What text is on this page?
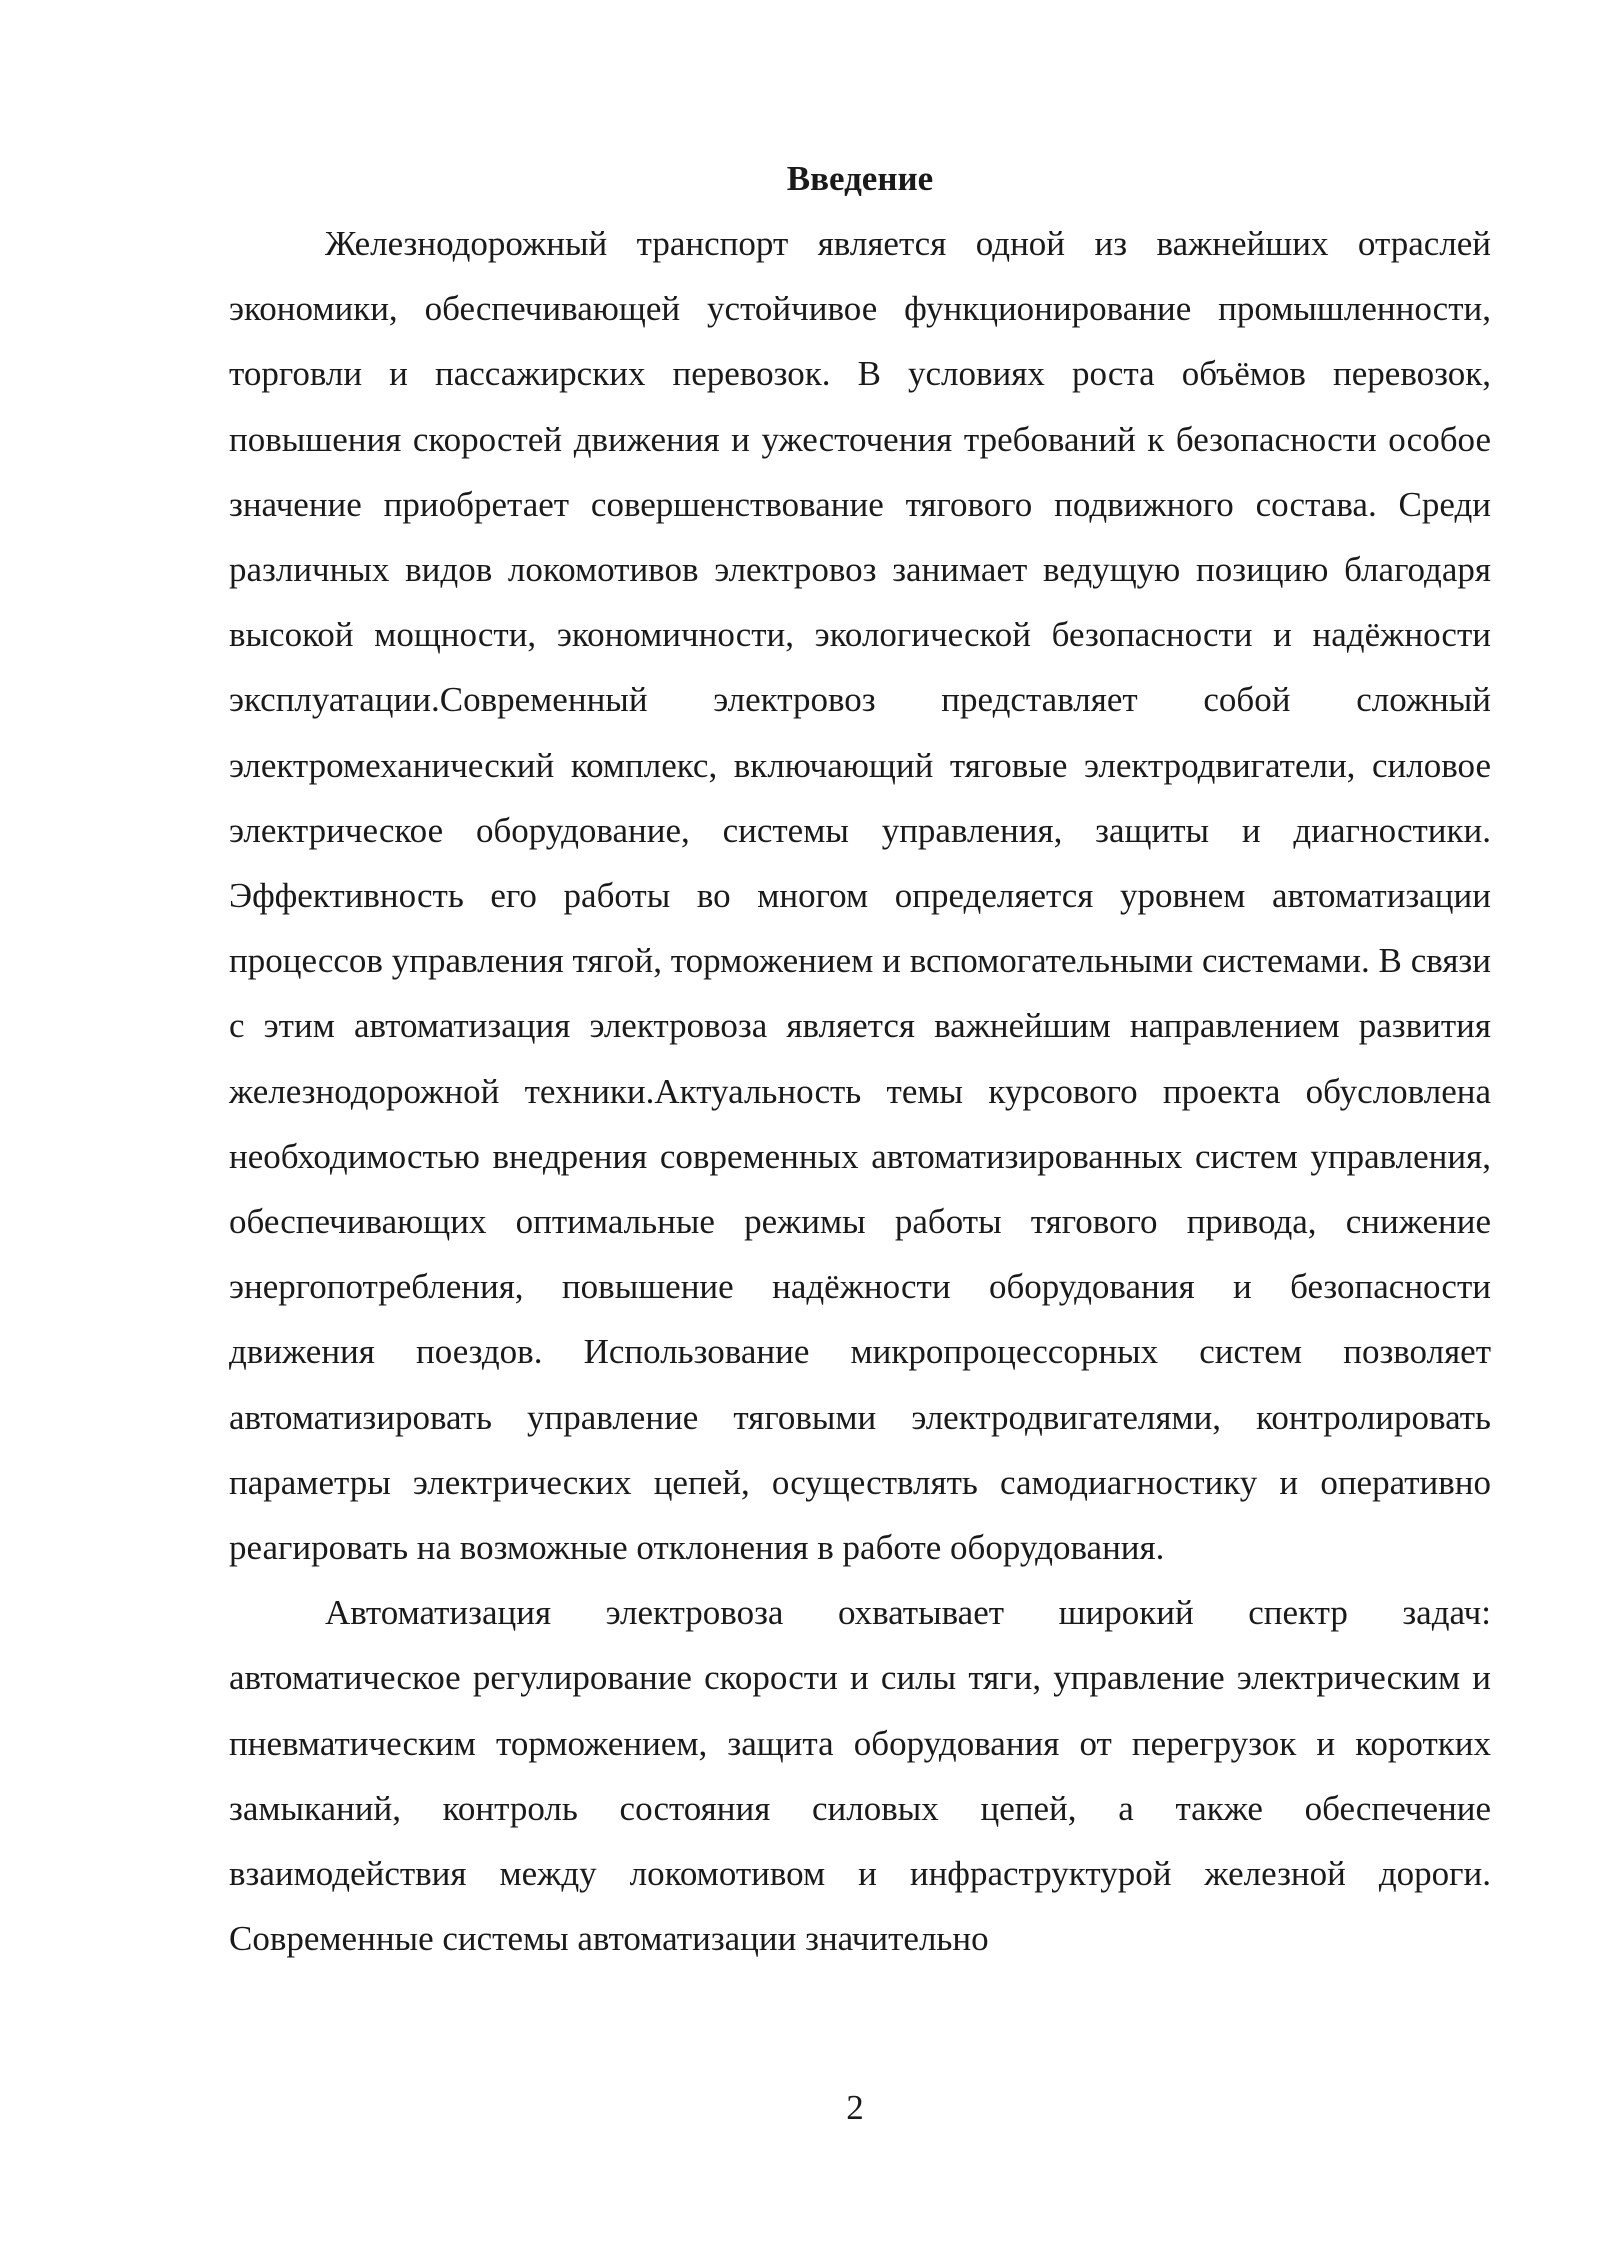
Введение

Железнодорожный транспорт является одной из важнейших отраслей экономики, обеспечивающей устойчивое функционирование промышленности, торговли и пассажирских перевозок. В условиях роста объёмов перевозок, повышения скоростей движения и ужесточения требований к безопасности особое значение приобретает совершенствование тягового подвижного состава. Среди различных видов локомотивов электровоз занимает ведущую позицию благодаря высокой мощности, экономичности, экологической безопасности и надёжности эксплуатации.Современный электровоз представляет собой сложный электромеханический комплекс, включающий тяговые электродвигатели, силовое электрическое оборудование, системы управления, защиты и диагностики. Эффективность его работы во многом определяется уровнем автоматизации процессов управления тягой, торможением и вспомогательными системами. В связи с этим автоматизация электровоза является важнейшим направлением развития железнодорожной техники.Актуальность темы курсового проекта обусловлена необходимостью внедрения современных автоматизированных систем управления, обеспечивающих оптимальные режимы работы тягового привода, снижение энергопотребления, повышение надёжности оборудования и безопасности движения поездов. Использование микропроцессорных систем позволяет автоматизировать управление тяговыми электродвигателями, контролировать параметры электрических цепей, осуществлять самодиагностику и оперативно реагировать на возможные отклонения в работе оборудования.

Автоматизация электровоза охватывает широкий спектр задач: автоматическое регулирование скорости и силы тяги, управление электрическим и пневматическим торможением, защита оборудования от перегрузок и коротких замыканий, контроль состояния силовых цепей, а также обеспечение взаимодействия между локомотивом и инфраструктурой железной дороги. Современные системы автоматизации значительно

2
